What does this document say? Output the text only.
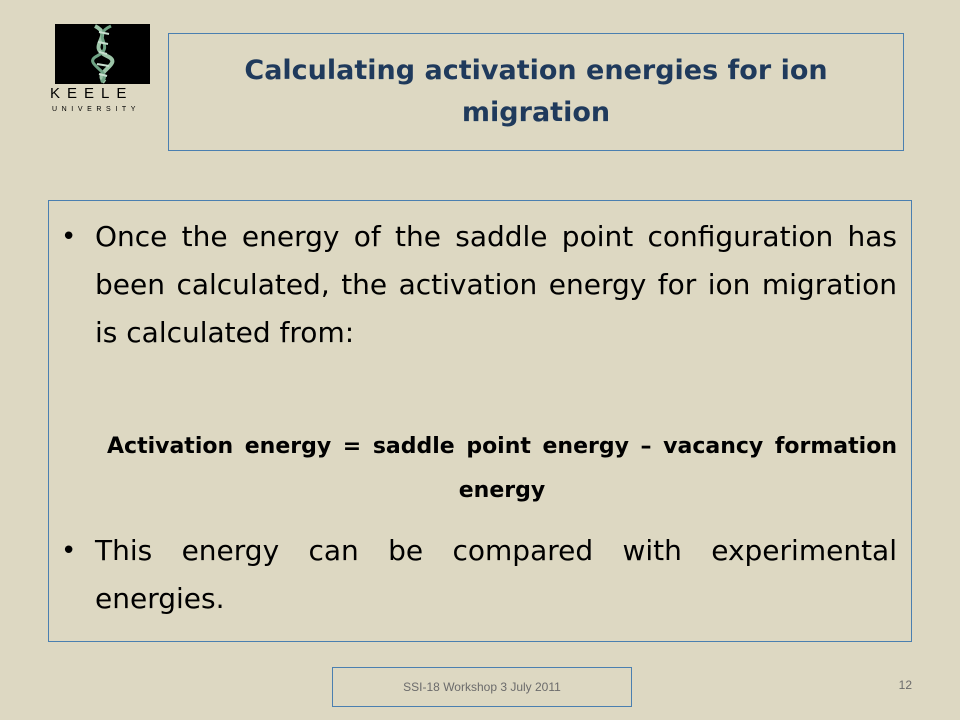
KEELE
UNIVERSITY
Calculating activation energies for ion migration
• Once the energy of the saddle point configuration has been calculated, the activation energy for ion migration is calculated from:
Activation energy = saddle point energy – vacancy formation energy
• This energy can be compared with experimental energies.
SSI-18 Workshop 3 July 2011	12
